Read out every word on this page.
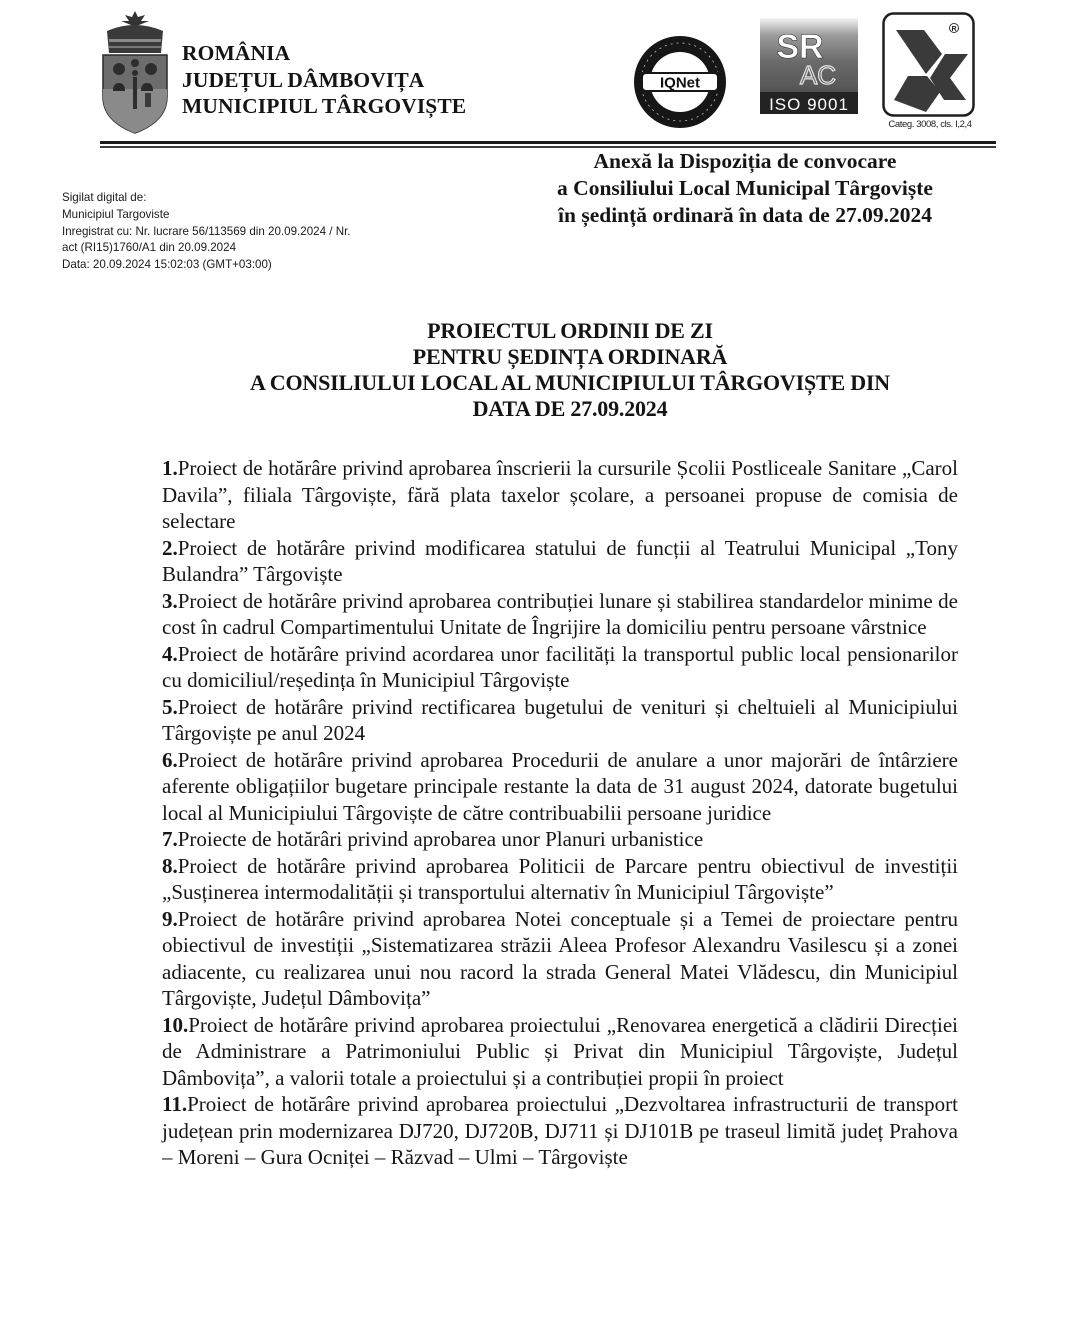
ROMÂNIA
JUDEȚUL DÂMBOVIȚA
MUNICIPIUL TÂRGOVIȘTE
IQNet
SR
AC
ISO 9001
R
Categ. 3008, cls. I,2,4
Anexă la Dispoziția de convocare
a Consiliului Local Municipal Târgoviște
în ședință ordinară în data de 27.09.2024
Sigilat digital de:
Municipiul Targoviste
Inregistrat cu: Nr. lucrare 56/113569 din 20.09.2024 / Nr.
act (RI15)1760/A1 din 20.09.2024
Data: 20.09.2024 15:02:03 (GMT+03:00)
PROIECTUL ORDINII DE ZI
PENTRU ȘEDINȚA ORDINARĂ
A CONSILIULUI LOCAL AL MUNICIPIULUI TÂRGOVIȘTE DIN
DATA DE 27.09.2024

1.Proiect de hotărâre privind aprobarea înscrierii la cursurile Școlii Postliceale Sanitare „Carol Davila”, filiala Târgoviște, fără plata taxelor școlare, a persoanei propuse de comisia de selectare

2.Proiect de hotărâre privind modificarea statului de funcții al Teatrului Municipal „Tony Bulandra” Târgoviște

3.Proiect de hotărâre privind aprobarea contribuției lunare și stabilirea standardelor minime de cost în cadrul Compartimentului Unitate de Îngrijire la domiciliu pentru persoane vârstnice

4.Proiect de hotărâre privind acordarea unor facilități la transportul public local pensionarilor cu domiciliul/reședința în Municipiul Târgoviște

5.Proiect de hotărâre privind rectificarea bugetului de venituri și cheltuieli al Municipiului Târgoviște pe anul 2024

6.Proiect de hotărâre privind aprobarea Procedurii de anulare a unor majorări de întârziere aferente obligațiilor bugetare principale restante la data de 31 august 2024, datorate bugetului local al Municipiului Târgoviște de către contribuabilii persoane juridice

7.Proiecte de hotărâri privind aprobarea unor Planuri urbanistice

8.Proiect de hotărâre privind aprobarea Politicii de Parcare pentru obiectivul de investiții „Susținerea intermodalității și transportului alternativ în Municipiul Târgoviște”

9.Proiect de hotărâre privind aprobarea Notei conceptuale și a Temei de proiectare pentru obiectivul de investiții „Sistematizarea străzii Aleea Profesor Alexandru Vasilescu și a zonei adiacente, cu realizarea unui nou racord la strada General Matei Vlădescu, din Municipiul Târgoviște, Județul Dâmbovița”

10.Proiect de hotărâre privind aprobarea proiectului „Renovarea energetică a clădirii Direcției de Administrare a Patrimoniului Public și Privat din Municipiul Târgoviște, Județul Dâmbovița”, a valorii totale a proiectului și a contribuției propii în proiect

11.Proiect de hotărâre privind aprobarea proiectului „Dezvoltarea infrastructurii de transport județean prin modernizarea DJ720, DJ720B, DJ711 și DJ101B pe traseul limită județ Prahova – Moreni – Gura Ocniței – Răzvad – Ulmi – Târgoviște
